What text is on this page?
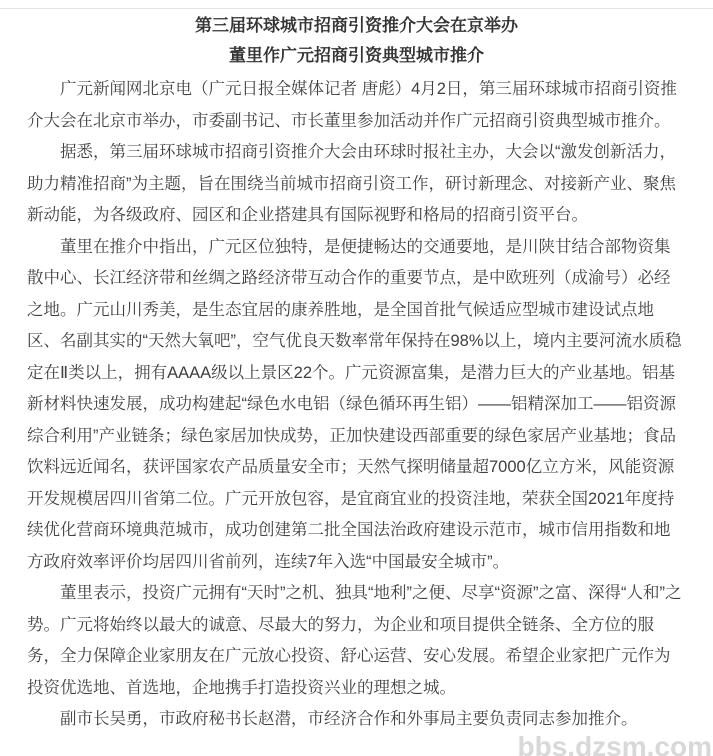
第三届环球城市招商引资推介大会在京举办
董里作广元招商引资典型城市推介

广元新闻网北京电（广元日报全媒体记者 唐彪）4月2日，第三届环球城市招商引资推介大会在北京市举办，市委副书记、市长董里参加活动并作广元招商引资典型城市推介。

据悉，第三届环球城市招商引资推介大会由环球时报社主办，大会以“激发创新活力，助力精准招商”为主题，旨在围绕当前城市招商引资工作，研讨新理念、对接新产业、聚焦新动能，为各级政府、园区和企业搭建具有国际视野和格局的招商引资平台。

董里在推介中指出，广元区位独特，是便捷畅达的交通要地，是川陕甘结合部物资集散中心、长江经济带和丝绸之路经济带互动合作的重要节点，是中欧班列（成渝号）必经之地。广元山川秀美，是生态宜居的康养胜地，是全国首批气候适应型城市建设试点地区、名副其实的“天然大氧吧”，空气优良天数率常年保持在98%以上，境内主要河流水质稳定在Ⅱ类以上，拥有AAAA级以上景区22个。广元资源富集，是潜力巨大的产业基地。铝基新材料快速发展，成功构建起“绿色水电铝（绿色循环再生铝）——铝精深加工——铝资源综合利用”产业链条；绿色家居加快成势，正加快建设西部重要的绿色家居产业基地；食品饮料远近闻名，获评国家农产品质量安全市；天然气探明储量超7000亿立方米，风能资源开发规模居四川省第二位。广元开放包容，是宜商宜业的投资洼地，荣获全国2021年度持续优化营商环境典范城市，成功创建第二批全国法治政府建设示范市，城市信用指数和地方政府效率评价均居四川省前列，连续7年入选“中国最安全城市”。

董里表示，投资广元拥有“天时”之机、独具“地利”之便、尽享“资源”之富、深得“人和”之势。广元将始终以最大的诚意、尽最大的努力，为企业和项目提供全链条、全方位的服务，全力保障企业家朋友在广元放心投资、舒心运营、安心发展。希望企业家把广元作为投资优选地、首选地，企地携手打造投资兴业的理想之城。

副市长吴勇，市政府秘书长赵潜，市经济合作和外事局主要负责同志参加推介。

bbs.dzsm.com
